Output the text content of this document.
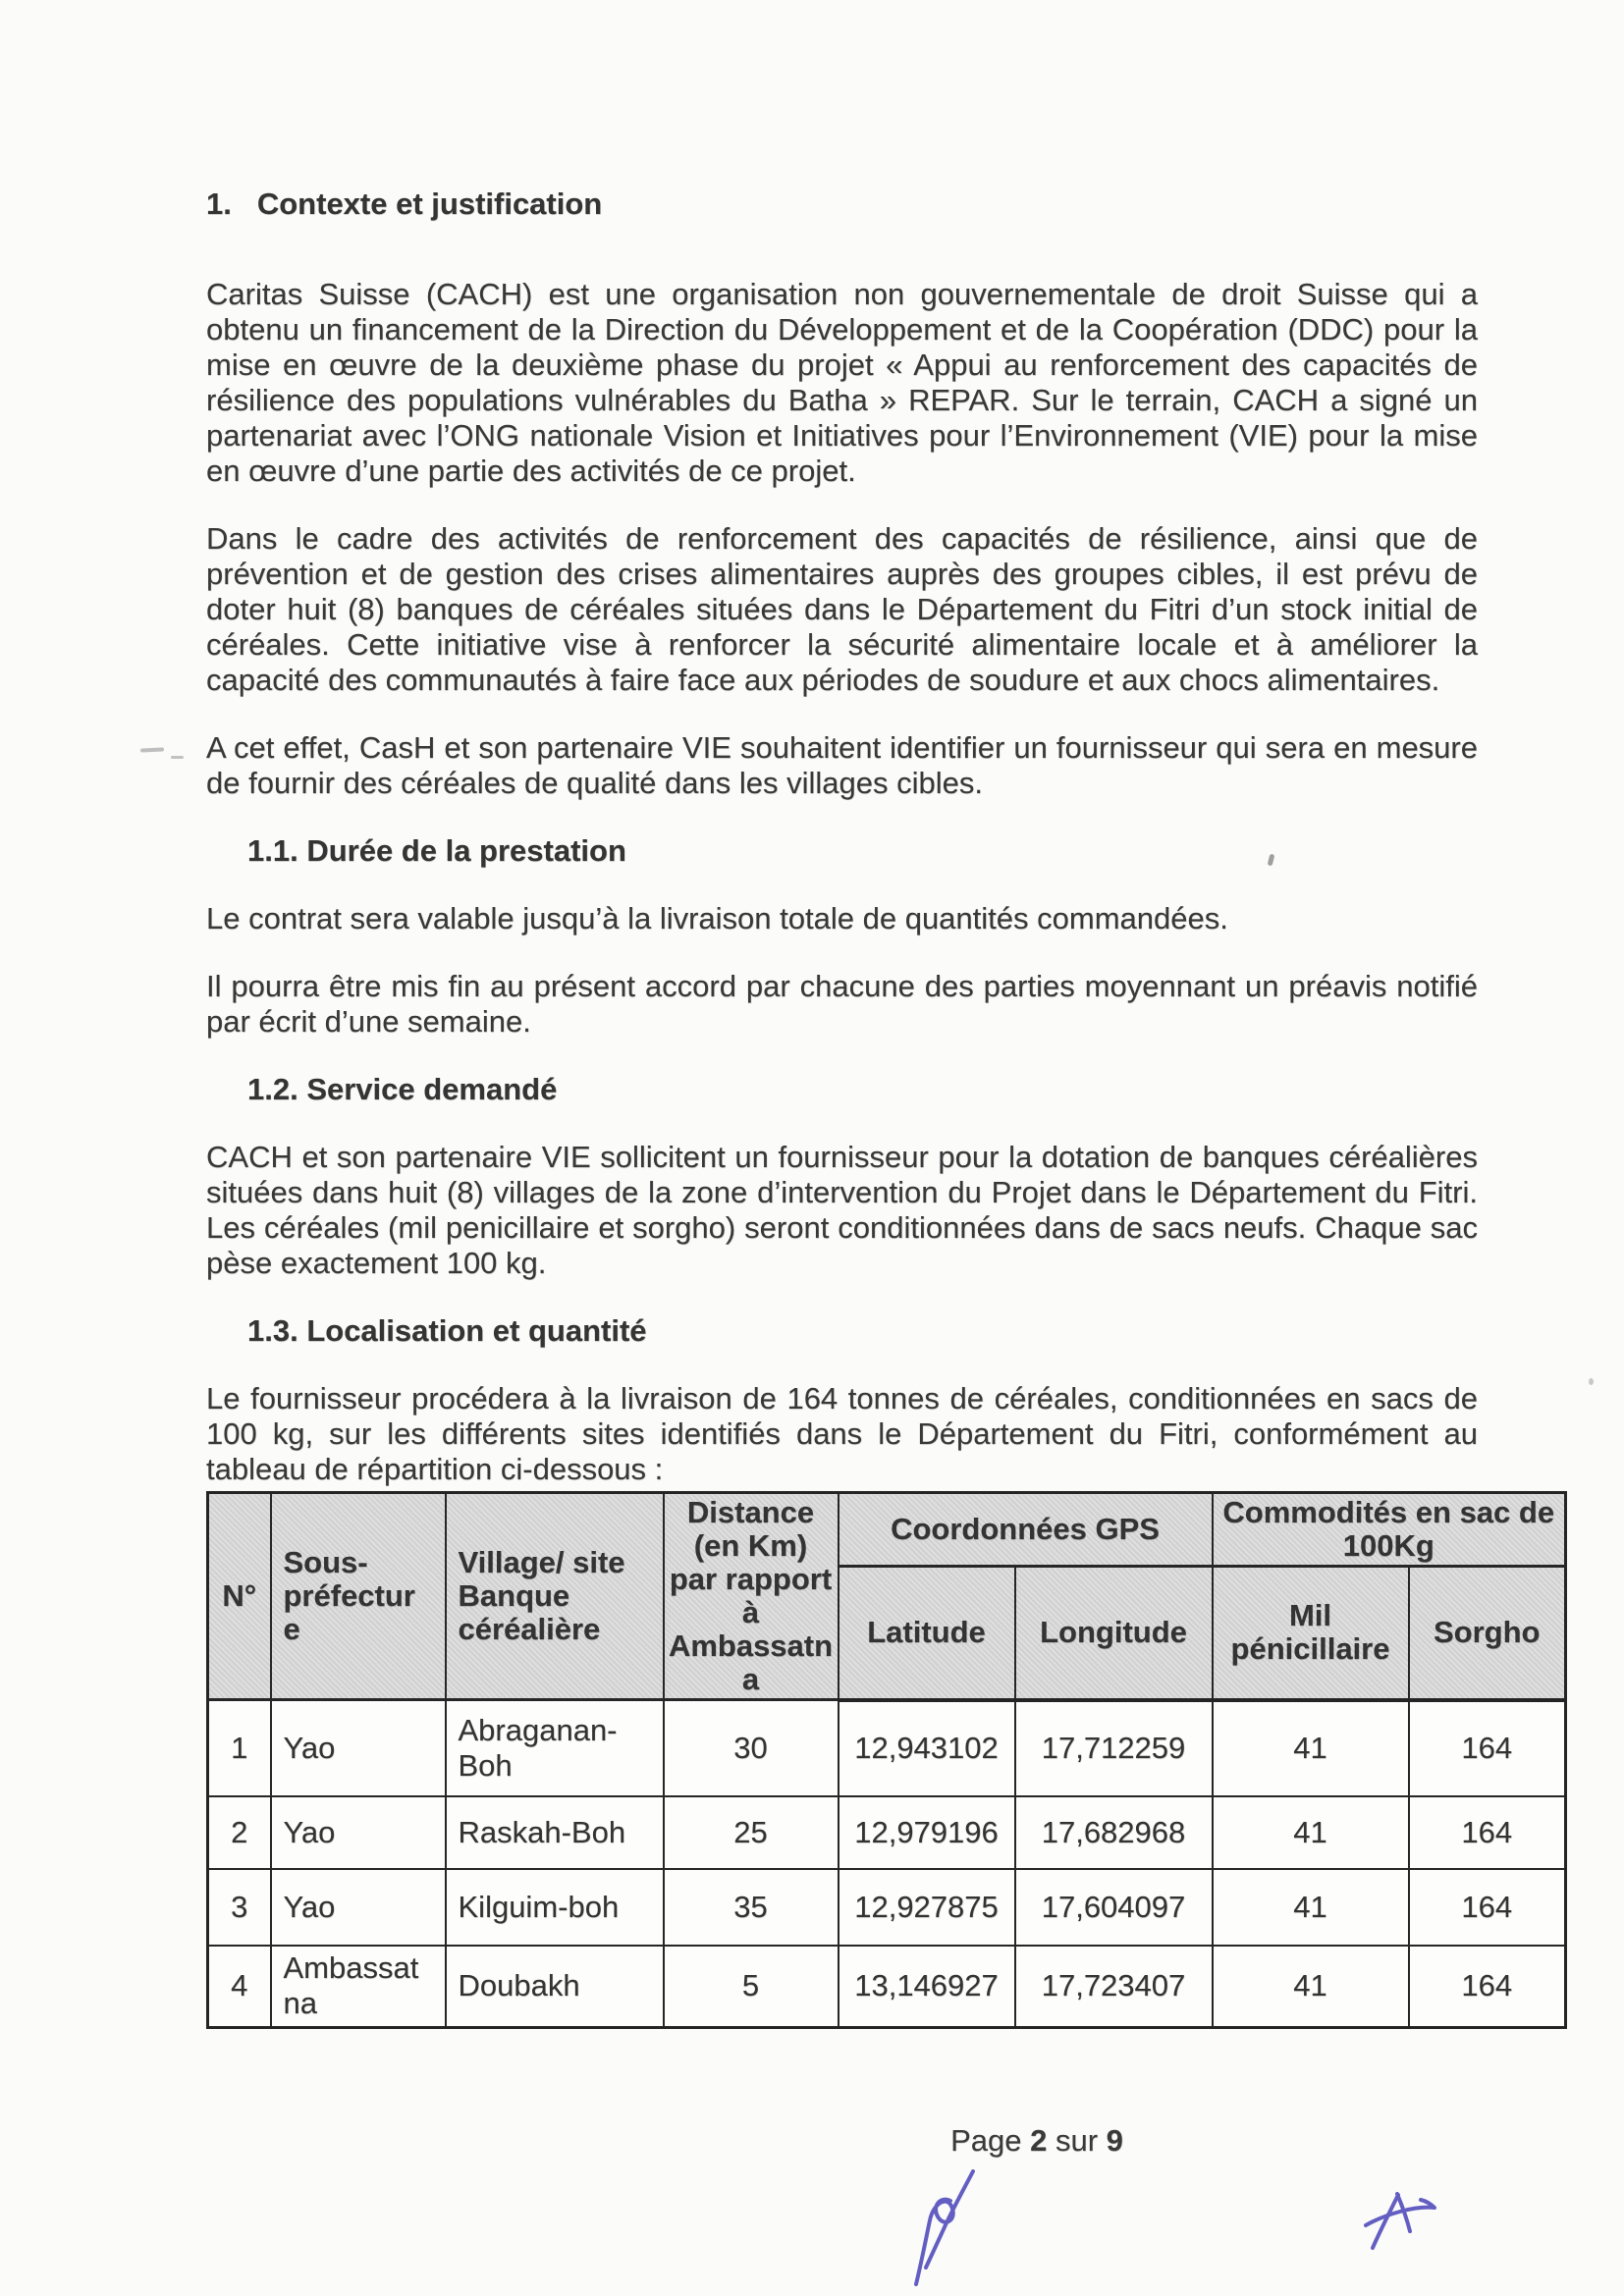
1. Contexte et justification

Caritas Suisse (CACH) est une organisation non gouvernementale de droit Suisse qui a obtenu un financement de la Direction du Développement et de la Coopération (DDC) pour la mise en œuvre de la deuxième phase du projet « Appui au renforcement des capacités de résilience des populations vulnérables du Batha » REPAR. Sur le terrain, CACH a signé un partenariat avec l’ONG nationale Vision et Initiatives pour l’Environnement (VIE) pour la mise en œuvre d’une partie des activités de ce projet.

Dans le cadre des activités de renforcement des capacités de résilience, ainsi que de prévention et de gestion des crises alimentaires auprès des groupes cibles, il est prévu de doter huit (8) banques de céréales situées dans le Département du Fitri d’un stock initial de céréales. Cette initiative vise à renforcer la sécurité alimentaire locale et à améliorer la capacité des communautés à faire face aux périodes de soudure et aux chocs alimentaires.

A cet effet, CasH et son partenaire VIE souhaitent identifier un fournisseur qui sera en mesure de fournir des céréales de qualité dans les villages cibles.

1.1. Durée de la prestation

Le contrat sera valable jusqu’à la livraison totale de quantités commandées.

Il pourra être mis fin au présent accord par chacune des parties moyennant un préavis notifié par écrit d’une semaine.

1.2. Service demandé

CACH et son partenaire VIE sollicitent un fournisseur pour la dotation de banques céréalières situées dans huit (8) villages de la zone d’intervention du Projet dans le Département du Fitri. Les céréales (mil penicillaire et sorgho) seront conditionnées dans de sacs neufs. Chaque sac pèse exactement 100 kg.

1.3. Localisation et quantité

Le fournisseur procédera à la livraison de 164 tonnes de céréales, conditionnées en sacs de 100 kg, sur les différents sites identifiés dans le Département du Fitri, conformément au tableau de répartition ci-dessous :

N°	Sous-préfecture	Village/ site Banque céréalière	Distance (en Km) par rapport à Ambassatna	Coordonnées GPS		Commodités en sac de 100Kg	
				Latitude	Longitude	Mil pénicillaire	Sorgho
1	Yao	Abraganan-Boh	30	12,943102	17,712259	41	164
2	Yao	Raskah-Boh	25	12,979196	17,682968	41	164
3	Yao	Kilguim-boh	35	12,927875	17,604097	41	164
4	Ambassatna	Doubakh	5	13,146927	17,723407	41	164
Page 2 sur 9
